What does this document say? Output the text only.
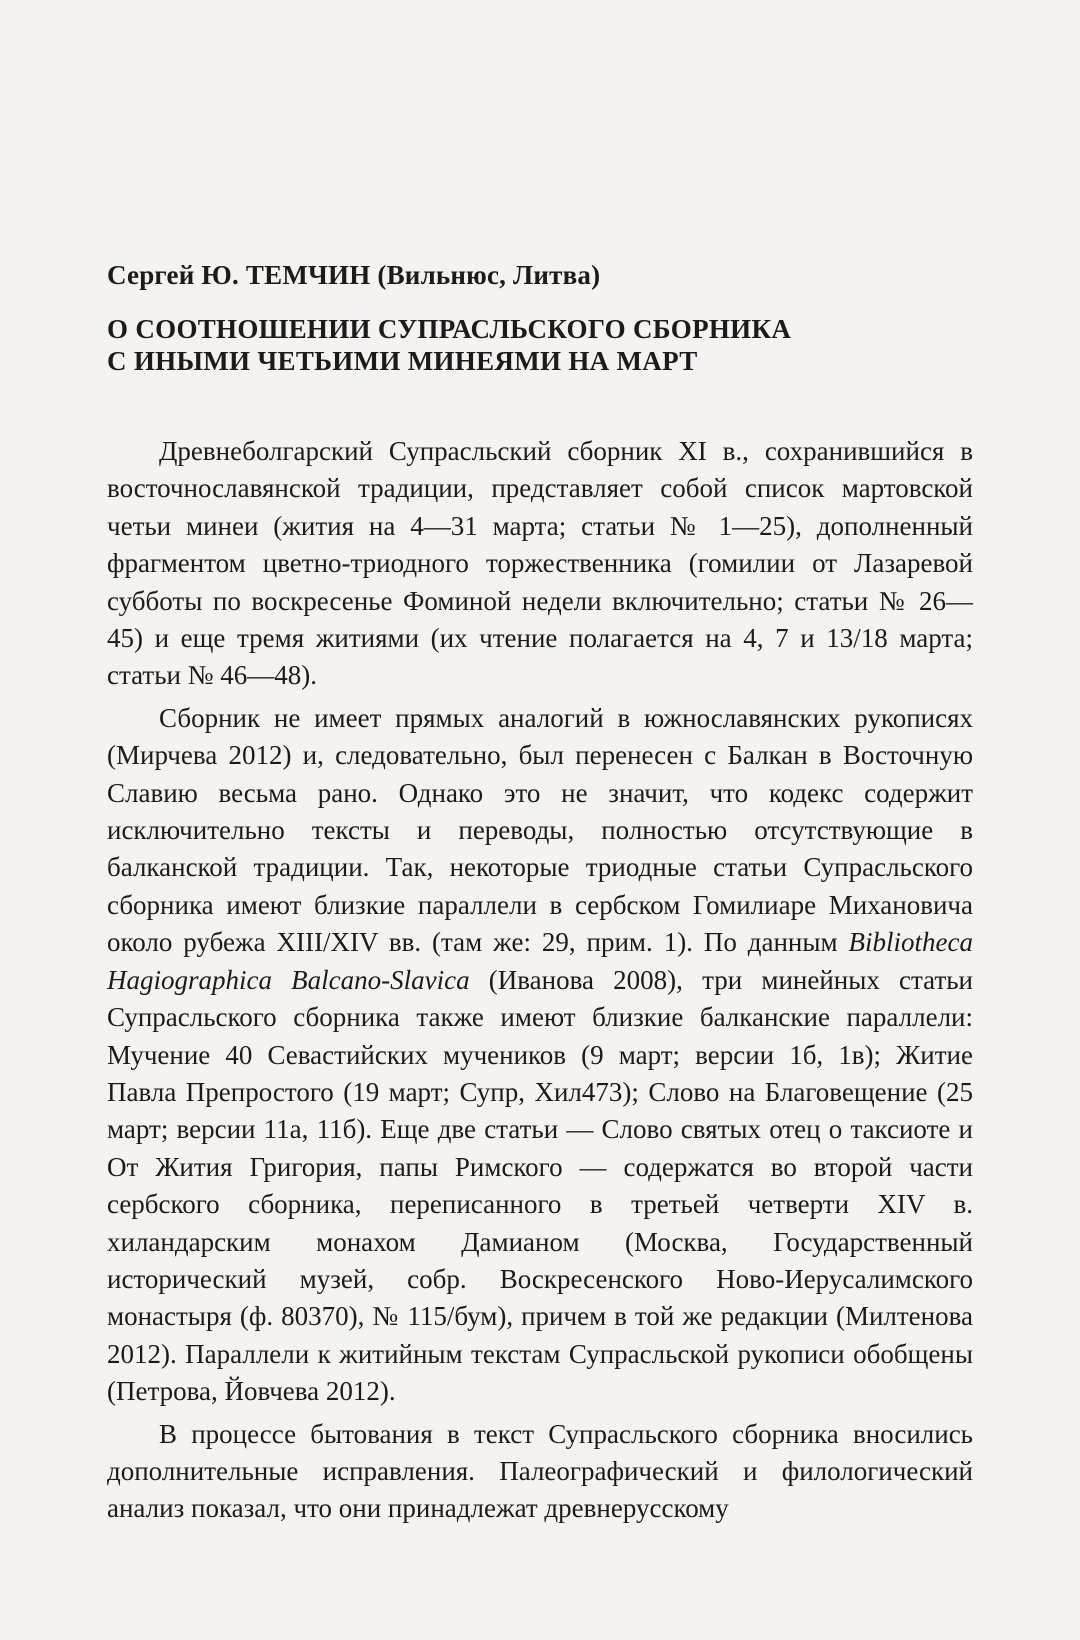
Сергей Ю. ТЕМЧИН (Вильнюс, Литва)
О СООТНОШЕНИИ СУПРАСЛЬСКОГО СБОРНИКА
С ИНЫМИ ЧЕТЬИМИ МИНЕЯМИ НА МАРТ

Древнеболгарский Супрасльский сборник XI в., сохранившийся в восточнославянской традиции, представляет собой список мартовской четьи минеи (жития на 4—31 марта; статьи № 1—25), дополненный фрагментом цветно-триодного торжественника (гомилии от Лазаревой субботы по воскресенье Фоминой недели включительно; статьи № 26—45) и еще тремя житиями (их чтение полагается на 4, 7 и 13/18 марта; статьи № 46—48).

Сборник не имеет прямых аналогий в южнославянских рукописях (Мирчева 2012) и, следовательно, был перенесен с Балкан в Восточную Славию весьма рано. Однако это не значит, что кодекс содержит исключительно тексты и переводы, полностью отсутствующие в балканской традиции. Так, некоторые триодные статьи Супрасльского сборника имеют близкие параллели в сербском Гомилиаре Михановича около рубежа XIII/XIV вв. (там же: 29, прим. 1). По данным Bibliotheca Hagiographica Balcano-Slavica (Иванова 2008), три минейных статьи Супрасльского сборника также имеют близкие балканские параллели: Мучение 40 Севастийских мучеников (9 март; версии 1б, 1в); Житие Павла Препростого (19 март; Супр, Хил473); Слово на Благовещение (25 март; версии 11а, 11б). Еще две статьи — Слово святых отец о таксиоте и От Жития Григория, папы Римского — содержатся во второй части сербского сборника, переписанного в третьей четверти XIV в. хиландарским монахом Дамианом (Москва, Государственный исторический музей, собр. Воскресенского Ново-Иерусалимского монастыря (ф. 80370), № 115/бум), причем в той же редакции (Милтенова 2012). Параллели к житийным текстам Супрасльской рукописи обобщены (Петрова, Йовчева 2012).

В процессе бытования в текст Супрасльского сборника вносились дополнительные исправления. Палеографический и филологический анализ показал, что они принадлежат древнерусскому
